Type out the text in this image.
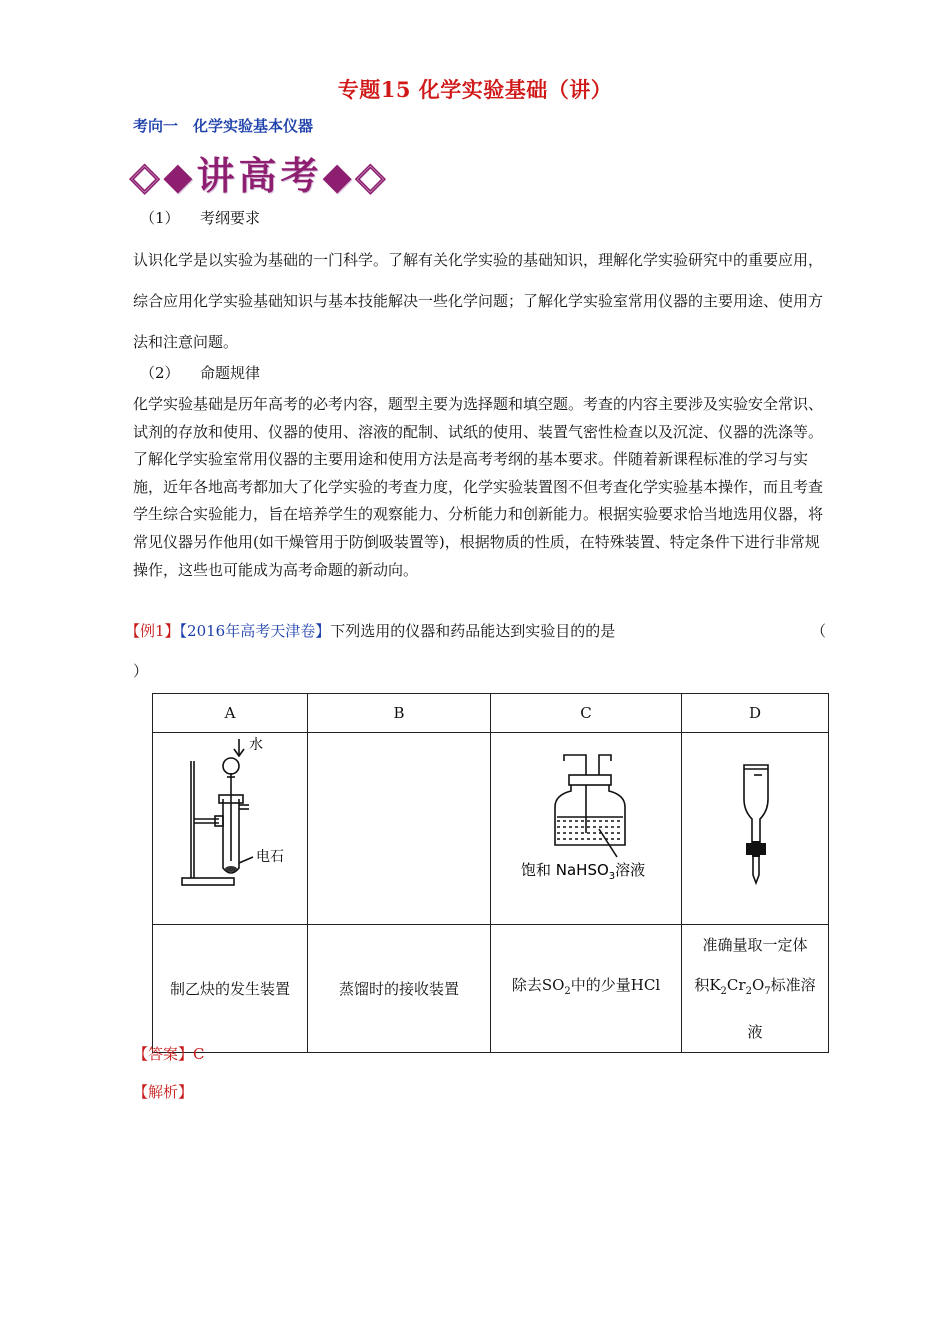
专题15 化学实验基础（讲）
考向一　化学实验基本仪器
◇◆讲高考◆◇
（1） 考纲要求
认识化学是以实验为基础的一门科学。了解有关化学实验的基础知识，理解化学实验研究中的重要应用，综合应用化学实验基础知识与基本技能解决一些化学问题；了解化学实验室常用仪器的主要用途、使用方法和注意问题。
（2） 命题规律
化学实验基础是历年高考的必考内容，题型主要为选择题和填空题。考查的内容主要涉及实验安全常识、试剂的存放和使用、仪器的使用、溶液的配制、试纸的使用、装置气密性检查以及沉淀、仪器的洗涤等。了解化学实验室常用仪器的主要用途和使用方法是高考考纲的基本要求。伴随着新课程标准的学习与实施，近年各地高考都加大了化学实验的考查力度，化学实验装置图不但考查化学实验基本操作，而且考查学生综合实验能力，旨在培养学生的观察能力、分析能力和创新能力。根据实验要求恰当地选用仪器，将常见仪器另作他用(如干燥管用于防倒吸装置等)，根据物质的性质，在特殊装置、特定条件下进行非常规操作，这些也可能成为高考命题的新动向。
【例1】【2016年高考天津卷】下列选用的仪器和药品能达到实验目的的是	（
）
A	B	C	D

水
电石		饱和 NaHSO$_3$溶液

制乙炔的发生装置	蒸馏时的接收装置	除去$SO_2$中的少量HCl	准确量取一定体
积$K_2Cr_2O_7$标准溶
液
【答案】C
【解析】
